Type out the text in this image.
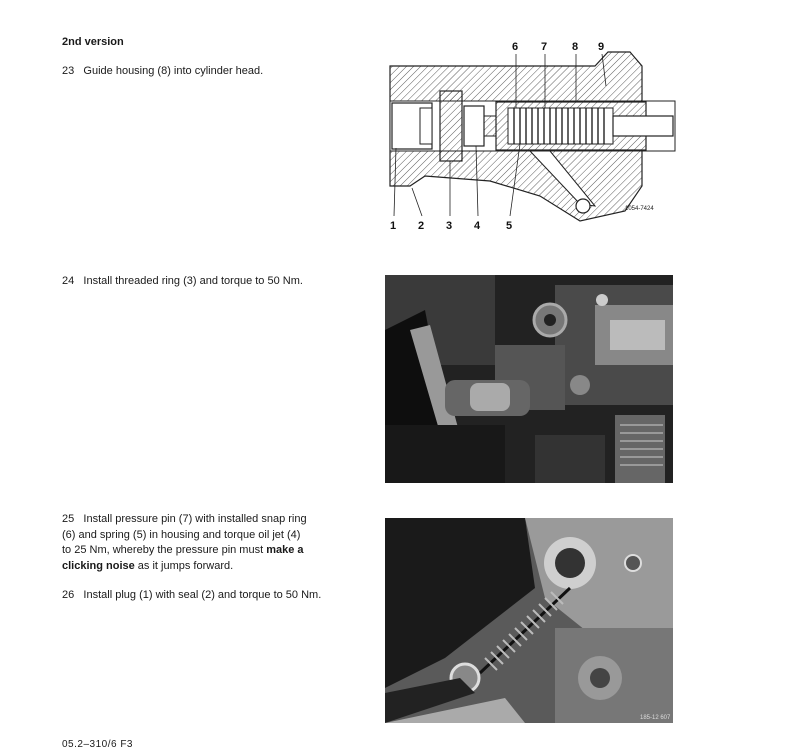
2nd version
23 Guide housing (8) into cylinder head.
24 Install threaded ring (3) and torque to 50 Nm.
25 Install pressure pin (7) with installed snap ring
(6) and spring (5) in housing and torque oil jet (4)
to 25 Nm, whereby the pressure pin must make a
clicking noise as it jumps forward.
26 Install plug (1) with seal (2) and torque to 50 Nm.
6 7 8 9
1 2 3 4 5
1054-7424
185-12 607
05.2–310/6 F3
